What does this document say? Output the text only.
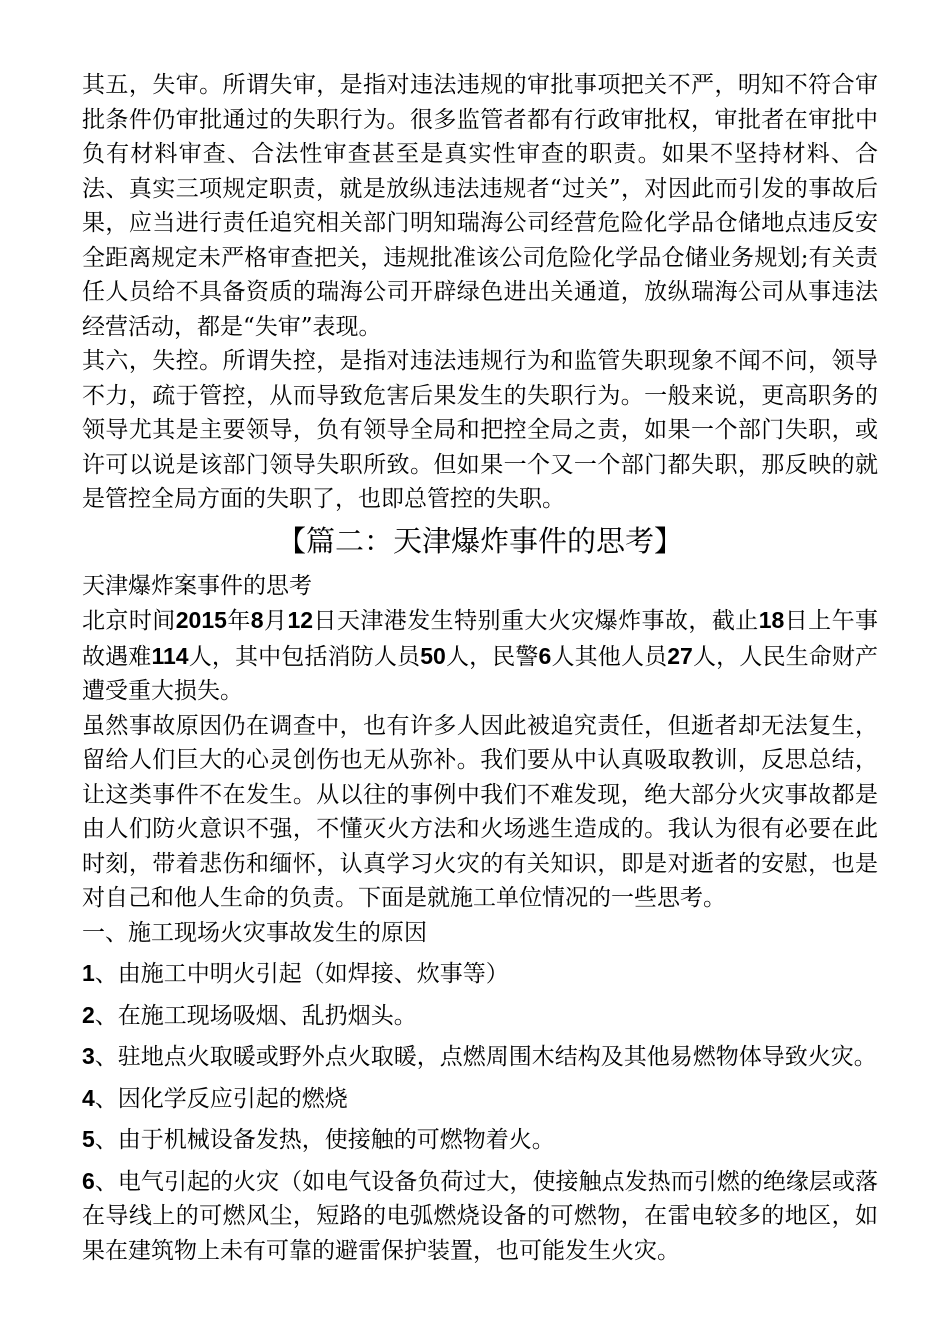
其五，失审。所谓失审，是指对违法违规的审批事项把关不严，明知不符合审批条件仍审批通过的失职行为。很多监管者都有行政审批权，审批者在审批中负有材料审查、合法性审查甚至是真实性审查的职责。如果不坚持材料、合法、真实三项规定职责，就是放纵违法违规者“过关”，对因此而引发的事故后果，应当进行责任追究相关部门明知瑞海公司经营危险化学品仓储地点违反安全距离规定未严格审查把关，违规批准该公司危险化学品仓储业务规划;有关责任人员给不具备资质的瑞海公司开辟绿色进出关通道，放纵瑞海公司从事违法经营活动，都是“失审”表现。

其六，失控。所谓失控，是指对违法违规行为和监管失职现象不闻不问，领导不力，疏于管控，从而导致危害后果发生的失职行为。一般来说，更高职务的领导尤其是主要领导，负有领导全局和把控全局之责，如果一个部门失职，或许可以说是该部门领导失职所致。但如果一个又一个部门都失职，那反映的就是管控全局方面的失职了，也即总管控的失职。

【篇二：天津爆炸事件的思考】

天津爆炸案事件的思考

北京时间2015年8月12日天津港发生特别重大火灾爆炸事故，截止18日上午事故遇难114人，其中包括消防人员50人，民警6人其他人员27人，人民生命财产遭受重大损失。

虽然事故原因仍在调查中，也有许多人因此被追究责任，但逝者却无法复生，留给人们巨大的心灵创伤也无从弥补。我们要从中认真吸取教训，反思总结，让这类事件不在发生。从以往的事例中我们不难发现，绝大部分火灾事故都是由人们防火意识不强，不懂灭火方法和火场逃生造成的。我认为很有必要在此时刻，带着悲伤和缅怀，认真学习火灾的有关知识，即是对逝者的安慰，也是对自己和他人生命的负责。下面是就施工单位情况的一些思考。

一、施工现场火灾事故发生的原因

1、由施工中明火引起（如焊接、炊事等）

2、在施工现场吸烟、乱扔烟头。

3、驻地点火取暖或野外点火取暖，点燃周围木结构及其他易燃物体导致火灾。

4、因化学反应引起的燃烧

5、由于机械设备发热，使接触的可燃物着火。

6、电气引起的火灾（如电气设备负荷过大，使接触点发热而引燃的绝缘层或落在导线上的可燃风尘，短路的电弧燃烧设备的可燃物，在雷电较多的地区，如果在建筑物上未有可靠的避雷保护装置，也可能发生火灾。
